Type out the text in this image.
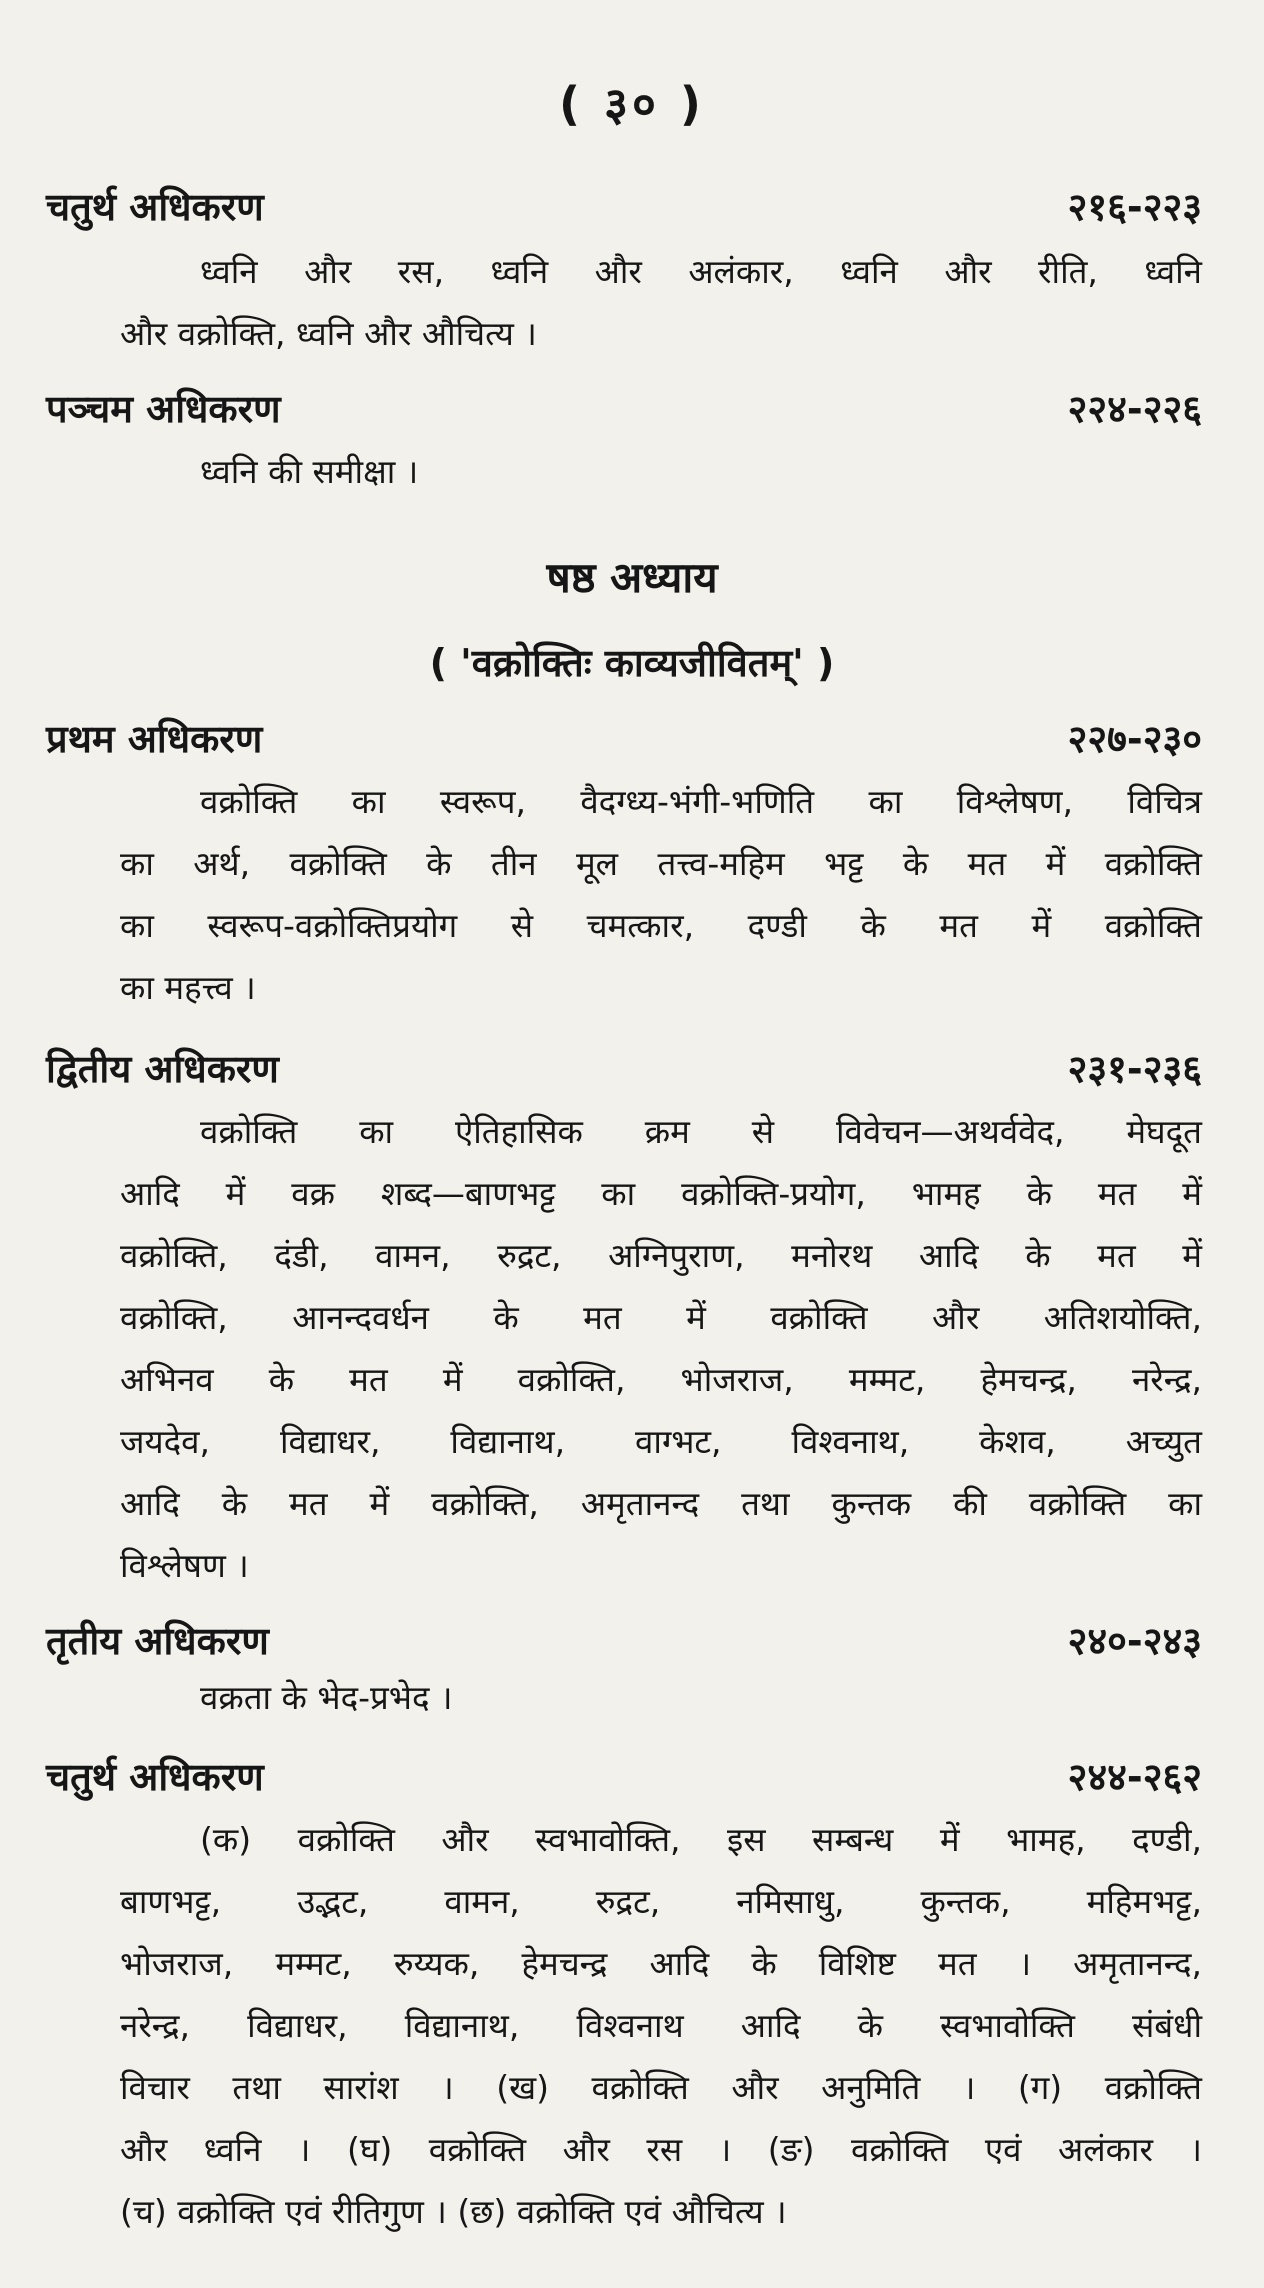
( ३० )
चतुर्थ अधिकरण	२१६-२२३
ध्वनि और रस, ध्वनि और अलंकार, ध्वनि और रीति, ध्वनि
और वक्रोक्ति, ध्वनि और औचित्य ।
पञ्चम अधिकरण	२२४-२२६
ध्वनि की समीक्षा ।
षष्ठ अध्याय
( 'वक्रोक्तिः काव्यजीवितम्' )
प्रथम अधिकरण	२२७-२३०
वक्रोक्ति का स्वरूप, वैदग्ध्य-भंगी-भणिति का विश्लेषण, विचित्र
का अर्थ, वक्रोक्ति के तीन मूल तत्त्व-महिम भट्ट के मत में वक्रोक्ति
का स्वरूप-वक्रोक्तिप्रयोग से चमत्कार, दण्डी के मत में वक्रोक्ति
का महत्त्व ।
द्वितीय अधिकरण	२३१-२३६
वक्रोक्ति का ऐतिहासिक क्रम से विवेचन—अथर्ववेद, मेघदूत
आदि में वक्र शब्द—बाणभट्ट का वक्रोक्ति-प्रयोग, भामह के मत में
वक्रोक्ति, दंडी, वामन, रुद्रट, अग्निपुराण, मनोरथ आदि के मत में
वक्रोक्ति, आनन्दवर्धन के मत में वक्रोक्ति और अतिशयोक्ति,
अभिनव के मत में वक्रोक्ति, भोजराज, मम्मट, हेमचन्द्र, नरेन्द्र,
जयदेव, विद्याधर, विद्यानाथ, वाग्भट, विश्वनाथ, केशव, अच्युत
आदि के मत में वक्रोक्ति, अमृतानन्द तथा कुन्तक की वक्रोक्ति का
विश्लेषण ।
तृतीय अधिकरण	२४०-२४३
वक्रता के भेद-प्रभेद ।
चतुर्थ अधिकरण	२४४-२६२
(क) वक्रोक्ति और स्वभावोक्ति, इस सम्बन्ध में भामह, दण्डी,
बाणभट्ट, उद्भट, वामन, रुद्रट, नमिसाधु, कुन्तक, महिमभट्ट,
भोजराज, मम्मट, रुय्यक, हेमचन्द्र आदि के विशिष्ट मत । अमृतानन्द,
नरेन्द्र, विद्याधर, विद्यानाथ, विश्वनाथ आदि के स्वभावोक्ति संबंधी
विचार तथा सारांश । (ख) वक्रोक्ति और अनुमिति । (ग) वक्रोक्ति
और ध्वनि । (घ) वक्रोक्ति और रस । (ङ) वक्रोक्ति एवं अलंकार ।
(च) वक्रोक्ति एवं रीतिगुण । (छ) वक्रोक्ति एवं औचित्य ।
